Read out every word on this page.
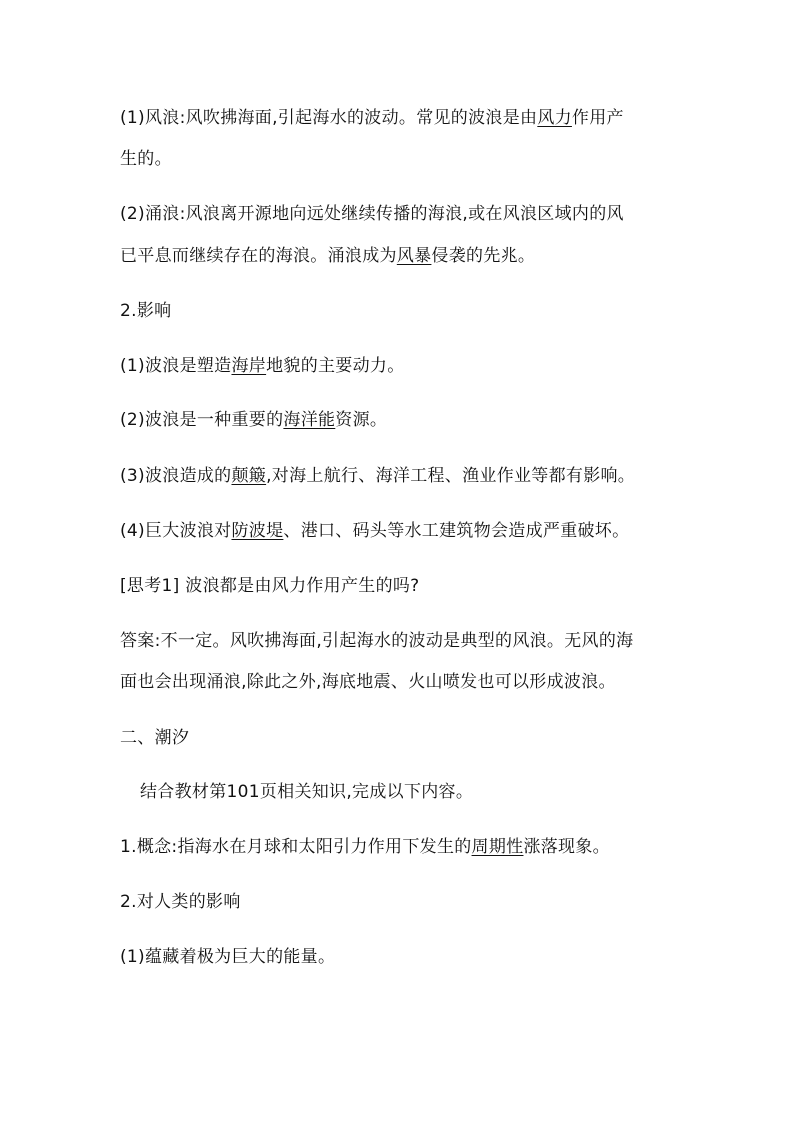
(1)风浪:风吹拂海面,引起海水的波动。常见的波浪是由风力作用产
生的。
(2)涌浪:风浪离开源地向远处继续传播的海浪,或在风浪区域内的风
已平息而继续存在的海浪。涌浪成为风暴侵袭的先兆。
2.影响
(1)波浪是塑造海岸地貌的主要动力。
(2)波浪是一种重要的海洋能资源。
(3)波浪造成的颠簸,对海上航行、海洋工程、渔业作业等都有影响。
(4)巨大波浪对防波堤、港口、码头等水工建筑物会造成严重破坏。
[思考1] 波浪都是由风力作用产生的吗?
答案:不一定。风吹拂海面,引起海水的波动是典型的风浪。无风的海
面也会出现涌浪,除此之外,海底地震、火山喷发也可以形成波浪。
二、潮汐
结合教材第101页相关知识,完成以下内容。
1.概念:指海水在月球和太阳引力作用下发生的周期性涨落现象。
2.对人类的影响
(1)蕴藏着极为巨大的能量。
